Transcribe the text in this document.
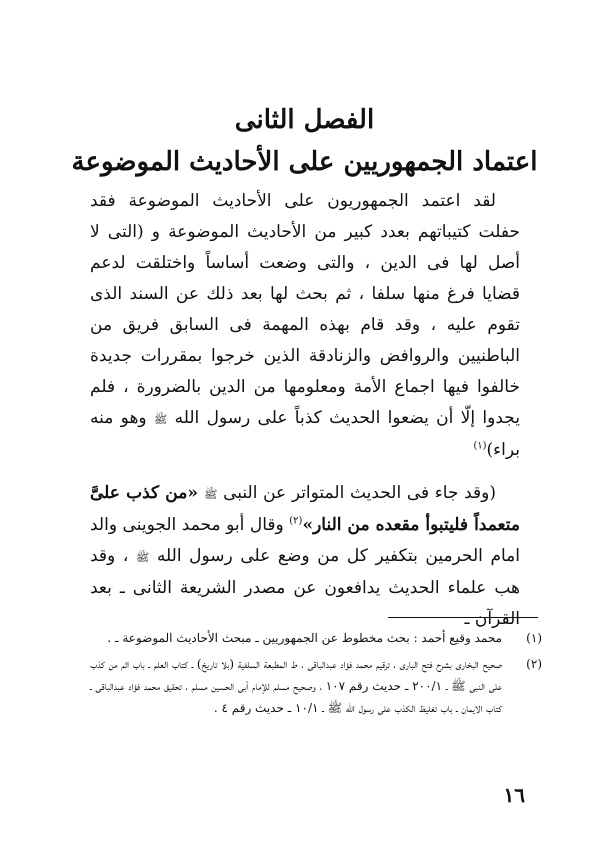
الفصل الثانى
اعتماد الجمهوريين على الأحاديث الموضوعة

لقد اعتمد الجمهوريون على الأحاديث الموضوعة فقد حفلت كتيباتهم بعدد كبير من الأحاديث الموضوعة و (التى لا أصل لها فى الدين ، والتى وضعت أساساً واختلقت لدعم قضايا فرغ منها سلفا ، ثم بحث لها بعد ذلك عن السند الذى تقوم عليه ، وقد قام بهذه المهمة فى السابق فريق من الباطنيين والروافض والزنادقة الذين خرجوا بمقررات جديدة خالفوا فيها اجماع الأمة ومعلومها من الدين بالضرورة ، فلم يجدوا إلّا أن يضعوا الحديث كذباً على رسول الله ﷺ وهو منه براء)$^{(١)}$

(وقد جاء فى الحديث المتواتر عن النبى ﷺ «من كذب علىَّ متعمداً فليتبوأ مقعده من النار»$^{(٢)}$ وقال أبو محمد الجوينى والد امام الحرمين بتكفير كل من وضع على رسول الله ﷺ ، وقد هب علماء الحديث يدافعون عن مصدر الشريعة الثانى ـ بعد القرآن ـ

(١)
محمد وقيع أحمد : بحث مخطوط عن الجمهوريين ـ مبحث الأحاديث الموضوعة ـ .
(٢)
صحيح البخارى بشرح فتح البارى ، ترقيم محمد فؤاد عبدالباقى ، ط المطبعة السلفية (بلا تاريخ) ـ كتاب العلم ـ باب اثم من كذب على النبى ﷺ ـ ٢٠٠/١ ـ حديث رقم ١٠٧ ، وصحيح مسلم للإمام أبى الحسين مسلم ، تحقيق محمد فؤاد عبدالباقى ـ كتاب الايمان ـ باب تغليظ الكذب على رسول الله ﷺ ـ ١٠/١ ـ حديث رقم ٤ .
١٦
